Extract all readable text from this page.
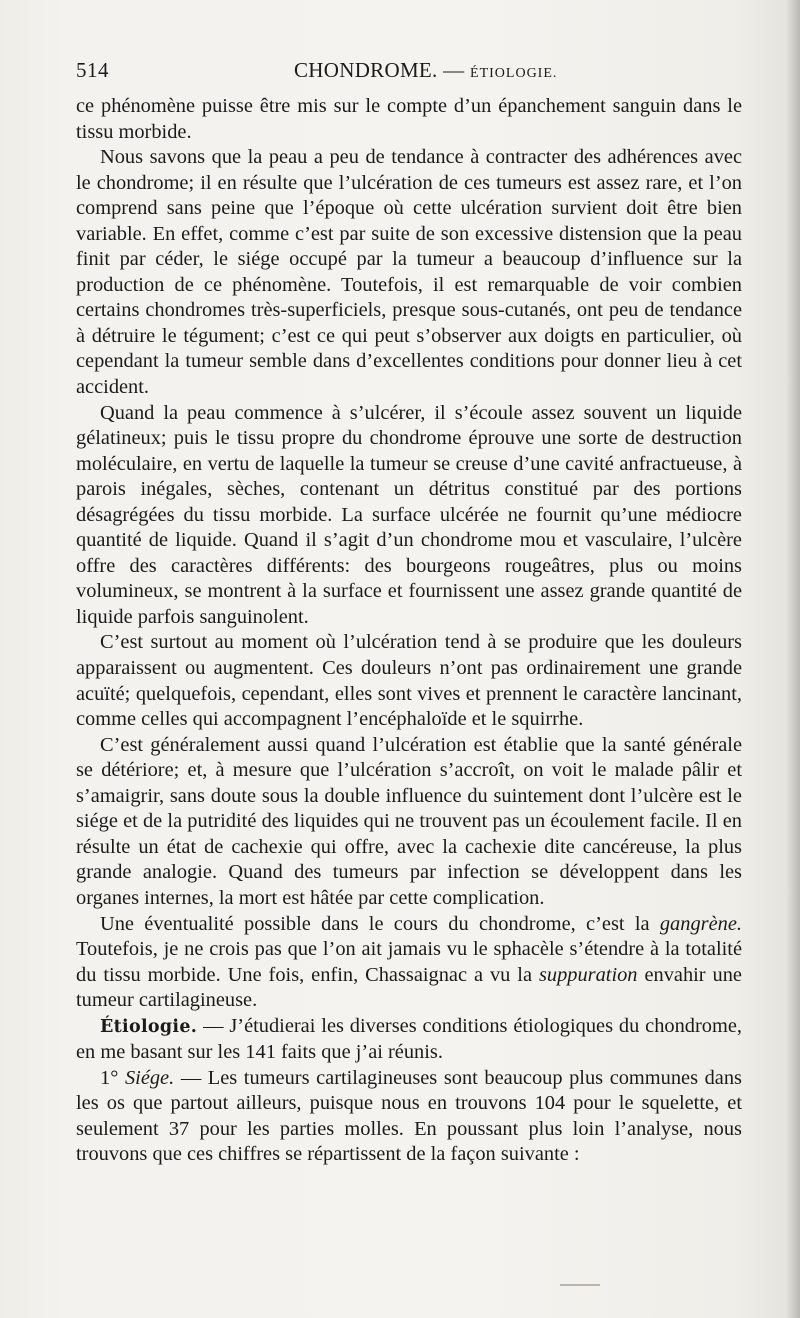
514	CHONDROME. — ÉTIOLOGIE.

ce phénomène puisse être mis sur le compte d’un épanchement sanguin dans le tissu morbide.

Nous savons que la peau a peu de tendance à contracter des adhérences avec le chondrome; il en résulte que l’ulcération de ces tumeurs est assez rare, et l’on comprend sans peine que l’époque où cette ulcération survient doit être bien variable. En effet, comme c’est par suite de son excessive distension que la peau finit par céder, le siége occupé par la tumeur a beaucoup d’influence sur la production de ce phénomène. Toutefois, il est remarquable de voir combien certains chondromes très-superficiels, presque sous-cutanés, ont peu de tendance à détruire le tégument; c’est ce qui peut s’observer aux doigts en particulier, où cependant la tumeur semble dans d’excellentes conditions pour donner lieu à cet accident.

Quand la peau commence à s’ulcérer, il s’écoule assez souvent un liquide gélatineux; puis le tissu propre du chondrome éprouve une sorte de destruction moléculaire, en vertu de laquelle la tumeur se creuse d’une cavité anfractueuse, à parois inégales, sèches, contenant un détritus constitué par des portions désagrégées du tissu morbide. La surface ulcérée ne fournit qu’une médiocre quantité de liquide. Quand il s’agit d’un chondrome mou et vasculaire, l’ulcère offre des caractères différents: des bourgeons rougeâtres, plus ou moins volumineux, se montrent à la surface et fournissent une assez grande quantité de liquide parfois sanguinolent.

C’est surtout au moment où l’ulcération tend à se produire que les douleurs apparaissent ou augmentent. Ces douleurs n’ont pas ordinairement une grande acuïté; quelquefois, cependant, elles sont vives et prennent le caractère lancinant, comme celles qui accompagnent l’encéphaloïde et le squirrhe.

C’est généralement aussi quand l’ulcération est établie que la santé générale se détériore; et, à mesure que l’ulcération s’accroît, on voit le malade pâlir et s’amaigrir, sans doute sous la double influence du suintement dont l’ulcère est le siége et de la putridité des liquides qui ne trouvent pas un écoulement facile. Il en résulte un état de cachexie qui offre, avec la cachexie dite cancéreuse, la plus grande analogie. Quand des tumeurs par infection se développent dans les organes internes, la mort est hâtée par cette complication.

Une éventualité possible dans le cours du chondrome, c’est la gangrène. Toutefois, je ne crois pas que l’on ait jamais vu le sphacèle s’étendre à la totalité du tissu morbide. Une fois, enfin, Chassaignac a vu la suppuration envahir une tumeur cartilagineuse.

Étiologie. — J’étudierai les diverses conditions étiologiques du chondrome, en me basant sur les 141 faits que j’ai réunis.

1° Siége. — Les tumeurs cartilagineuses sont beaucoup plus communes dans les os que partout ailleurs, puisque nous en trouvons 104 pour le squelette, et seulement 37 pour les parties molles. En poussant plus loin l’analyse, nous trouvons que ces chiffres se répartissent de la façon suivante :
